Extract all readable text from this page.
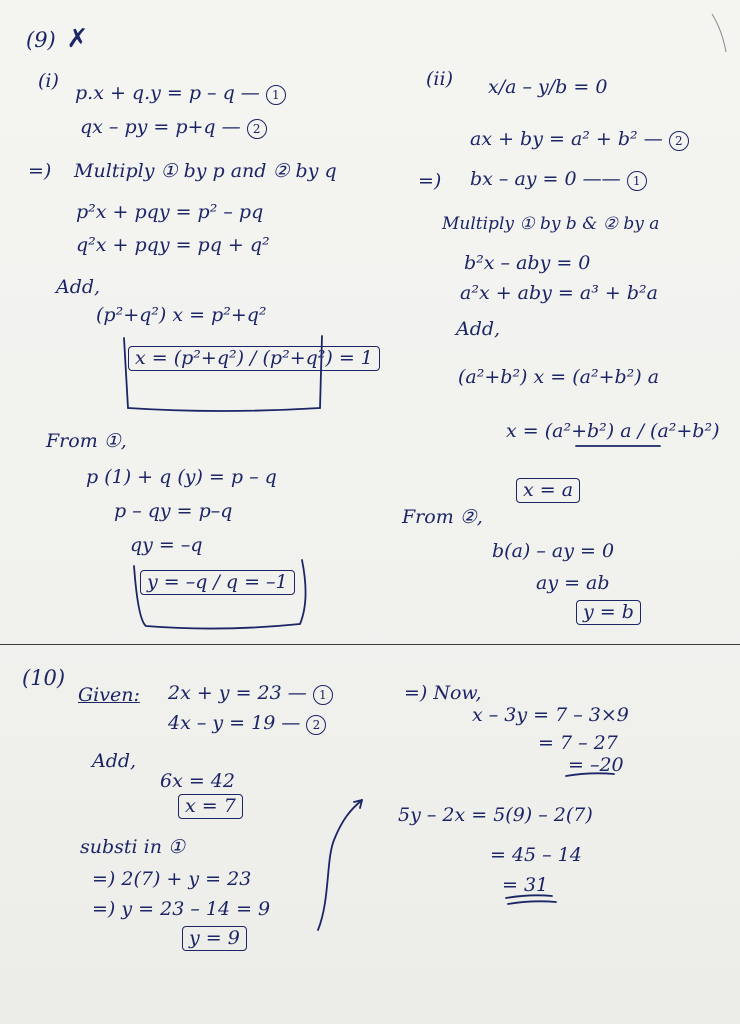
(9) ✗
(i)
p.x + q.y = p – q — 1
qx – py = p+q — 2
=) Multiply ① by p and ② by q
p²x + pqy = p² – pq
q²x + pqy = pq + q²
Add,
(p²+q²) x = p²+q²
x = (p²+q²) / (p²+q²) = 1
From ①,
p (1) + q (y) = p – q
p – qy = p–q
qy = –q
y = –q / q = –1
(ii) x/a – y/b = 0
ax + by = a² + b² — 2
=) bx – ay = 0 —— 1
Multiply ① by b & ② by a
b²x – aby = 0
a²x + aby = a³ + b²a
Add,
(a²+b²) x = (a²+b²) a
x = (a²+b²) a / (a²+b²)
x = a
From ②,
b(a) – ay = 0
ay = ab
y = b
(10)
Given: 2x + y = 23 — 1
4x – y = 19 — 2
Add,
6x = 42
x = 7
substi in ①
=) 2(7) + y = 23
=) y = 23 – 14 = 9
y = 9
=) Now,
x – 3y = 7 – 3×9
= 7 – 27
= –20
5y – 2x = 5(9) – 2(7)
= 45 – 14
= 31
